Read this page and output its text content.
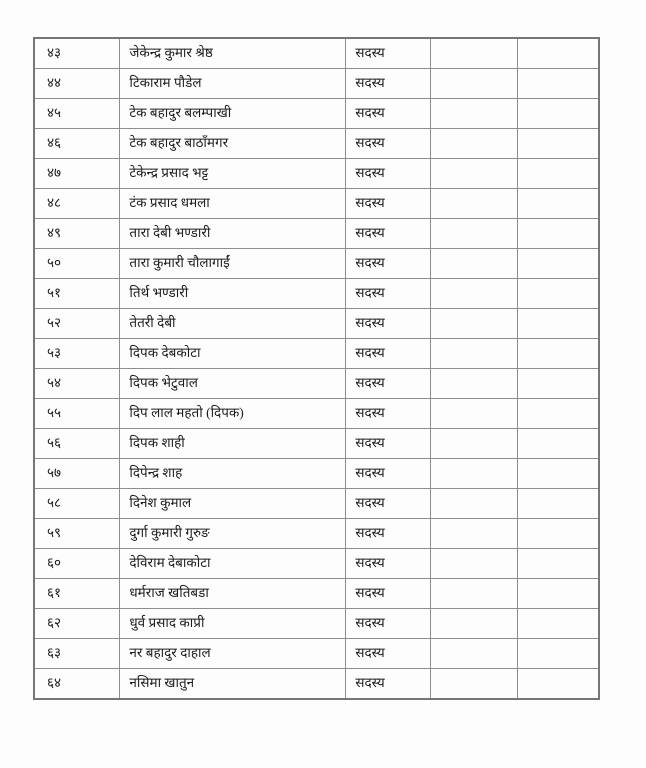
४३	जेकेन्द्र कुमार श्रेष्ठ	सदस्य		
४४	टिकाराम पौडेल	सदस्य		
४५	टेक बहादुर बलम्पाखी	सदस्य		
४६	टेक बहादुर बाठाँमगर	सदस्य		
४७	टेकेन्द्र प्रसाद भट्ट	सदस्य		
४८	टंक प्रसाद धमला	सदस्य		
४९	तारा देबी भण्डारी	सदस्य		
५०	तारा कुमारी चौलागाईं	सदस्य		
५१	तिर्थ भण्डारी	सदस्य		
५२	तेतरी देबी	सदस्य		
५३	दिपक देबकोटा	सदस्य		
५४	दिपक भेटुवाल	सदस्य		
५५	दिप लाल महतो (दिपक)	सदस्य		
५६	दिपक शाही	सदस्य		
५७	दिपेन्द्र शाह	सदस्य		
५८	दिनेश कुमाल	सदस्य		
५९	दुर्गा कुमारी गुरुङ	सदस्य		
६०	देविराम देबाकोटा	सदस्य		
६१	धर्मराज खतिबडा	सदस्य		
६२	धुर्व प्रसाद काप्री	सदस्य		
६३	नर बहादुर दाहाल	सदस्य		
६४	नसिमा खातुन	सदस्य		
